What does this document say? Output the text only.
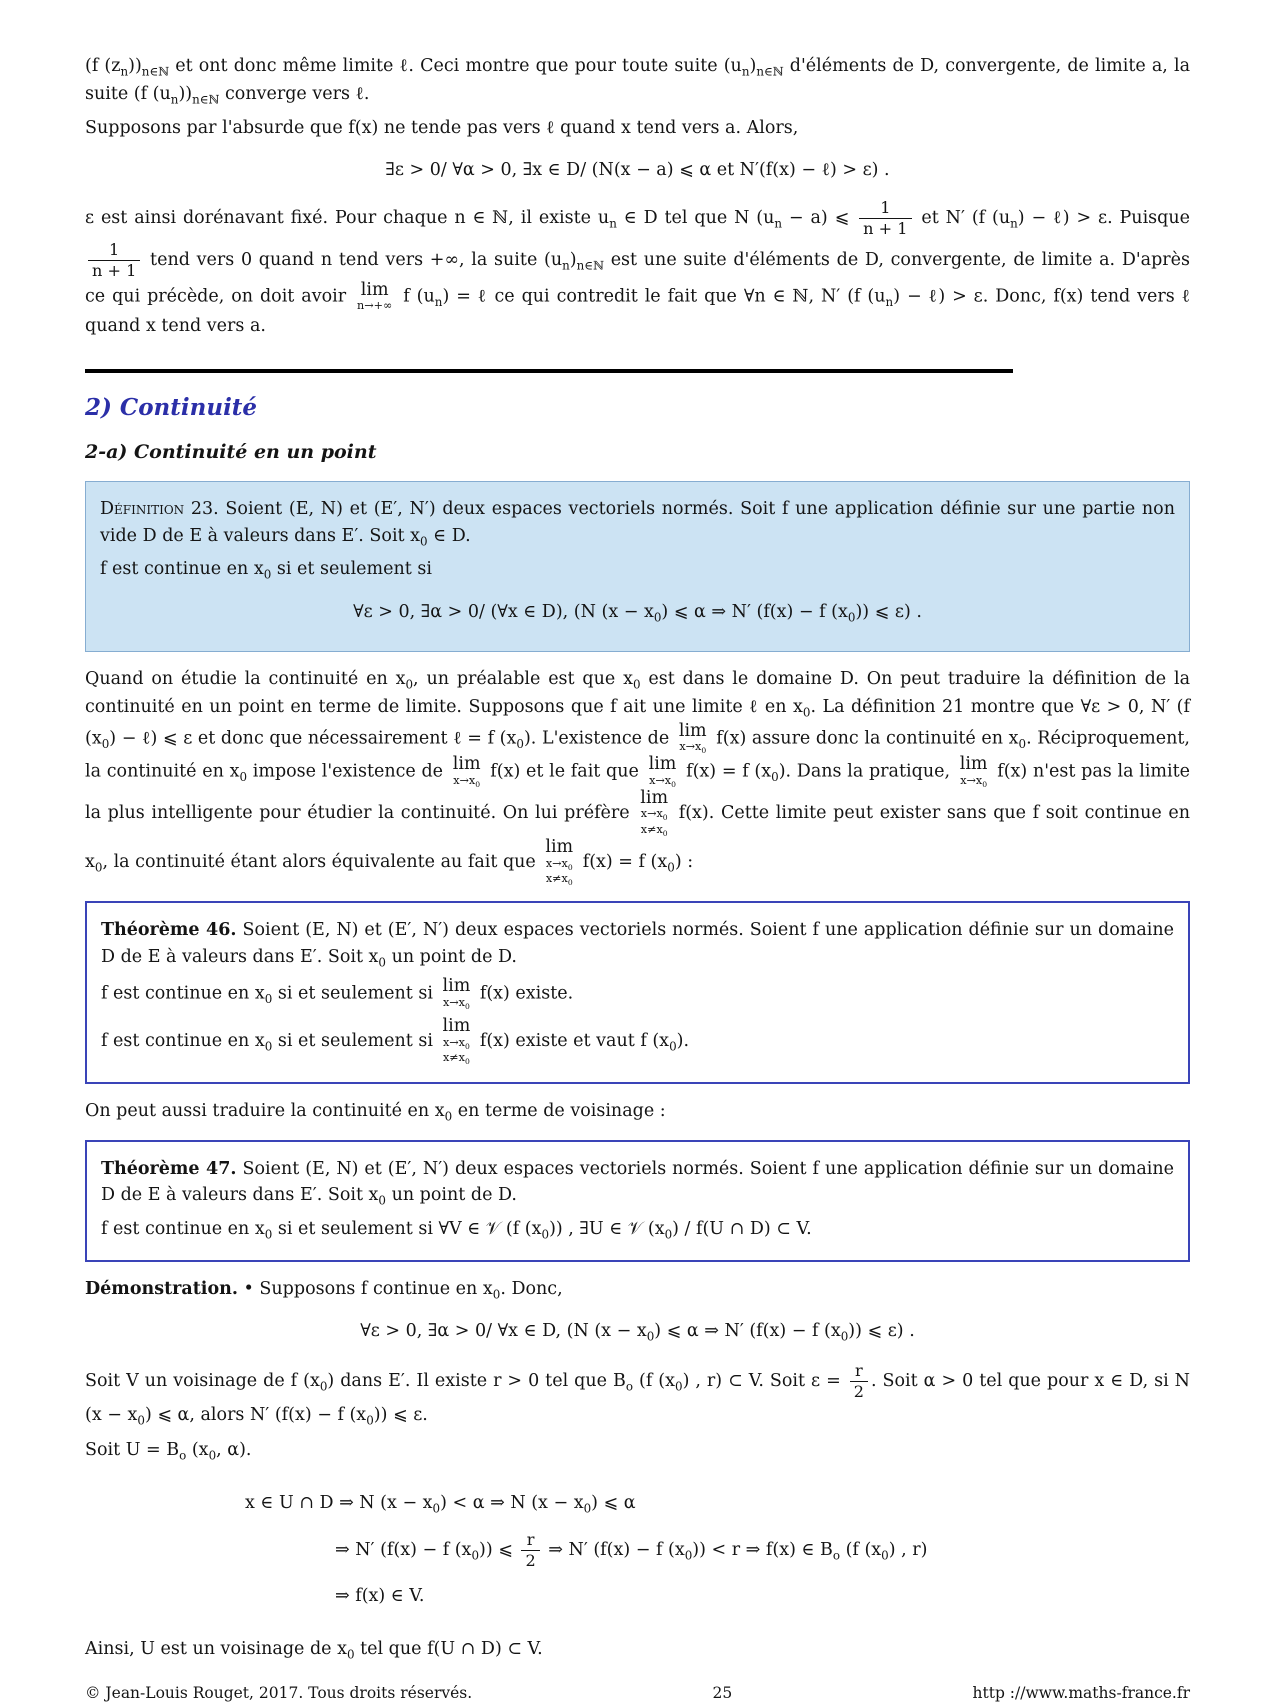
(f $(z_n))_{n\in ℕ}$ et ont donc même limite ℓ. Ceci montre que pour toute suite $(u_n)_{n\in ℕ}$ d'éléments de D, convergente, de limite a, la suite (f $(u_n))_{n\in ℕ}$ converge vers ℓ.

Supposons par l'absurde que f(x) ne tende pas vers ℓ quand x tend vers a. Alors,

∃ε > 0/ ∀α > 0, ∃x ∈ D/ (N(x − a) ⩽ α et N′(f(x) − ℓ) > ε) .

ε est ainsi dorénavant fixé. Pour chaque n ∈ ℕ, il existe $u_n$ ∈ D tel que N $(u_n - a)$ ⩽ $\frac{1}{n + 1}$ et N′ (f $(u_n)$ − ℓ) > ε. Puisque
$\frac{1}{n + 1}$ tend vers 0 quand n tend vers +∞, la suite $(u_n)_{n\in ℕ}$ est une suite d'éléments de D, convergente, de limite a. D'après ce qui précède, on doit avoir lim
n→+∞ f $(u_n)$ = ℓ ce qui contredit le fait que ∀n ∈ ℕ, N′ (f $(u_n)$ − ℓ) > ε. Donc, f(x) tend vers ℓ quand x tend vers a.

2) Continuité
2-a) Continuité en un point

Définition 23. Soient (E, N) et (E′, N′) deux espaces vectoriels normés. Soit f une application définie sur une partie non vide D de E à valeurs dans E′. Soit $x_0$ ∈ D.

f est continue en $x_0$ si et seulement si

∀ε > 0, ∃α > 0/ (∀x ∈ D), (N $(x - x_0)$ ⩽ α ⇒ N′ (f(x) − f $(x_0)$) ⩽ ε) .

Quand on étudie la continuité en $x_0$, un préalable est que $x_0$ est dans le domaine D. On peut traduire la définition de la continuité en un point en terme de limite. Supposons que f ait une limite ℓ en $x_0$. La définition 21 montre que ∀ε > 0, N′ (f $(x_0)$ − ℓ) ⩽ ε et donc que nécessairement ℓ = f $(x_0)$. L'existence de lim
$x\to x_0$
f(x) assure donc la continuité en $x_0$. Réciproquement, la continuité en $x_0$ impose l'existence de lim
$x\to x_0$
f(x) et le fait que lim
$x\to x_0$
f(x) = f $(x_0)$. Dans la pratique, lim
$x\to x_0$
f(x) n'est pas la limite la plus intelligente pour étudier la continuité. On lui préfère
lim
$x\to x_0$
$x\ne x_0$
f(x). Cette limite peut exister sans que f soit continue en $x_0$, la continuité étant alors équivalente au fait que
lim
$x\to x_0$
$x\ne x_0$
f(x) = f $(x_0)$ :

Théorème 46. Soient (E, N) et (E′, N′) deux espaces vectoriels normés. Soient f une application définie sur un domaine D de E à valeurs dans E′. Soit $x_0$ un point de D.

f est continue en $x_0$ si et seulement si lim
$x\to x_0$
f(x) existe.

f est continue en $x_0$ si et seulement si
lim
$x\to x_0$
$x\ne x_0$
f(x) existe et vaut f $(x_0)$.

On peut aussi traduire la continuité en $x_0$ en terme de voisinage :

Théorème 47. Soient (E, N) et (E′, N′) deux espaces vectoriels normés. Soient f une application définie sur un domaine D de E à valeurs dans E′. Soit $x_0$ un point de D.

f est continue en $x_0$ si et seulement si ∀V ∈ 𝒱 (f $(x_0)$) , ∃U ∈ 𝒱 $(x_0) / f(U$ ∩ D) ⊂ V.

Démonstration. • Supposons f continue en $x_0$. Donc,

∀ε > 0, ∃α > 0/ ∀x ∈ D, (N $(x - x_0)$ ⩽ α ⇒ N′ (f(x) − f $(x_0)$) ⩽ ε) .

Soit V un voisinage de f $(x_0)$ dans E′. Il existe r > 0 tel que $B_o$ (f $(x_0)$ , r) ⊂ V. Soit $\varepsilon = \frac{r}{2}$ . Soit α > 0 tel que pour x ∈ D, si N $(x - x_0)$ ⩽ α, alors N′ (f(x) − f $(x_0)$) ⩽ ε.

Soit $U = B_o$ ($x_0$, α).

x ∈ U ∩ D ⇒ N $(x - x_0) < \alpha$ ⇒ N $(x - x_0)$ ⩽ α
⇒ N′ (f(x) − f $(x_0)$) ⩽ $\frac{r}{2}$ ⇒ N′ (f(x) − f $(x_0)) < r$ ⇒ f(x) ∈ $B_o$ (f $(x_0)$ , r)
⇒ f(x) ∈ V.

Ainsi, U est un voisinage de $x_0$ tel que f(U ∩ D) ⊂ V.

© Jean-Louis Rouget, 2017. Tous droits réservés.	25	http ://www.maths-france.fr
